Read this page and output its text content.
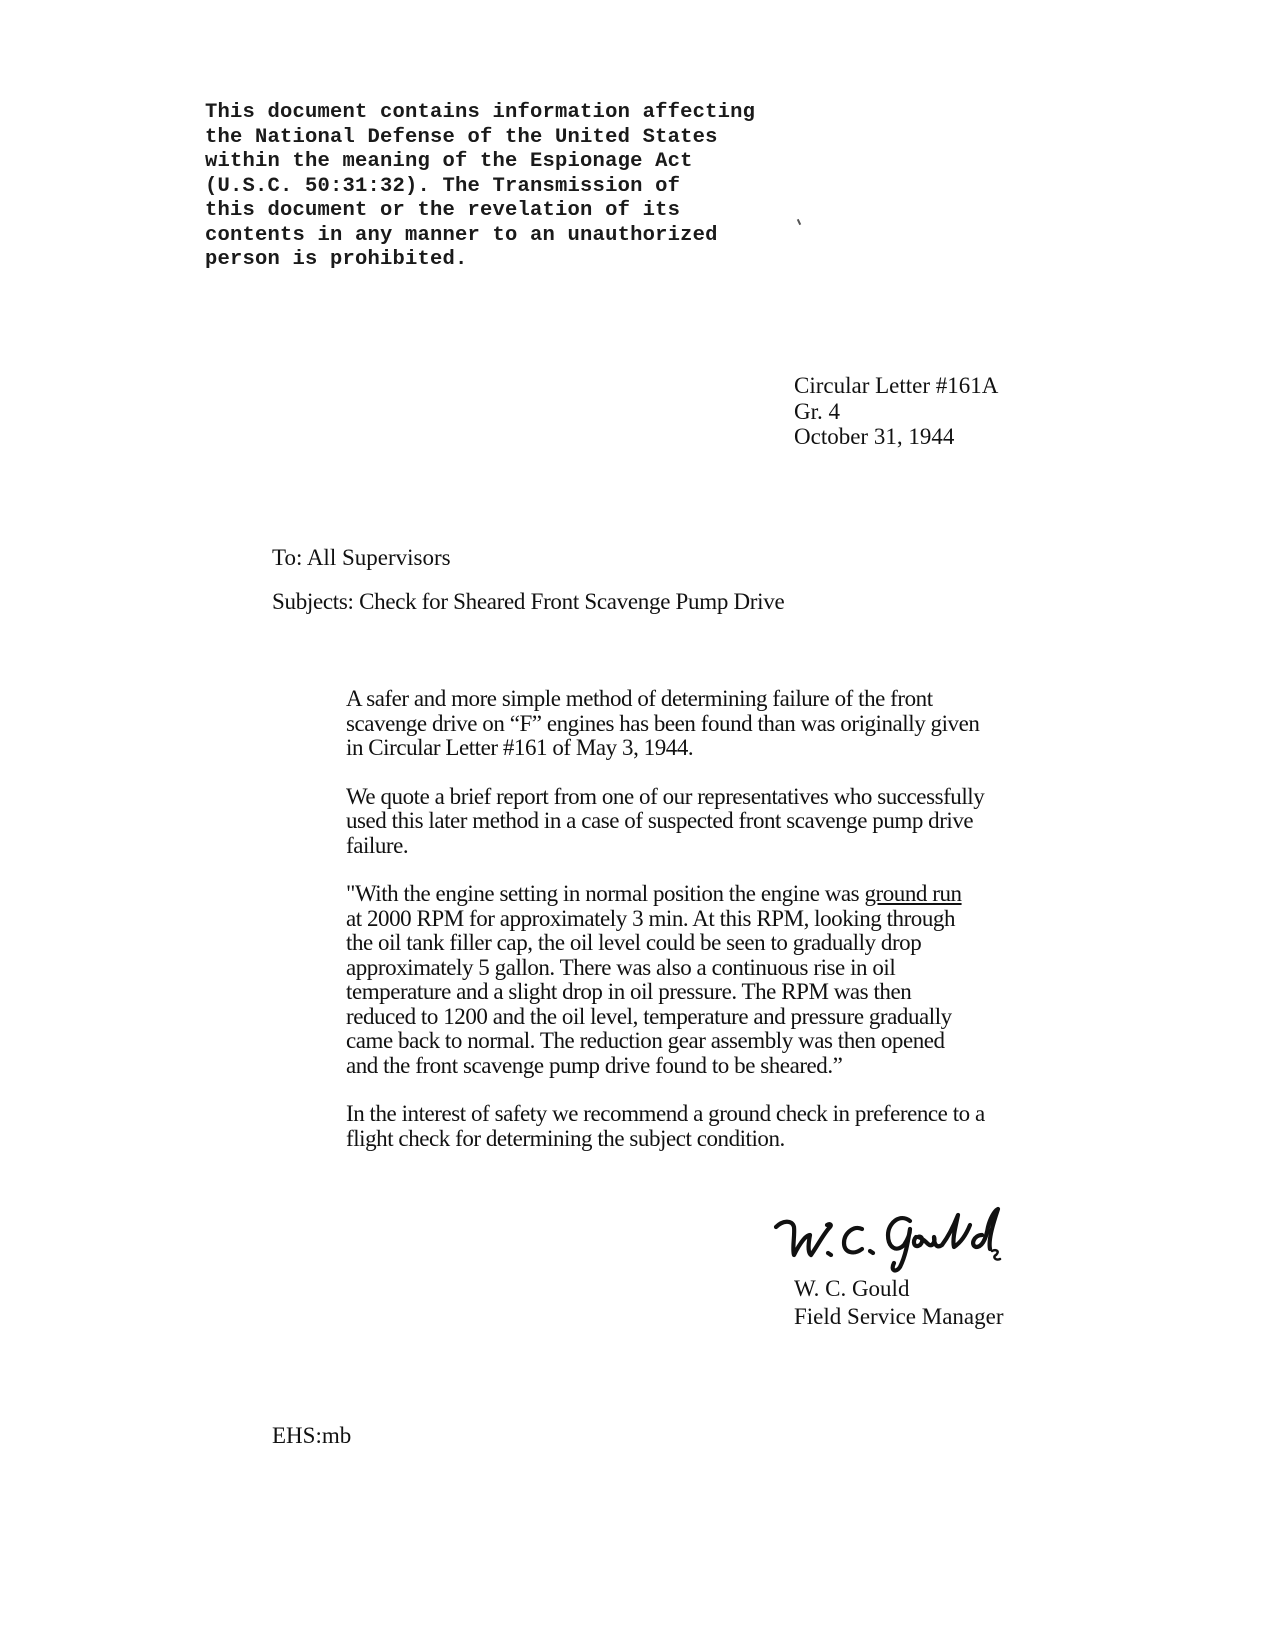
This document contains information affecting
the National Defense of the United States
within the meaning of the Espionage Act
(U.S.C. 50:31:32). The Transmission of
this document or the revelation of its
contents in any manner to an unauthorized
person is prohibited.
Circular Letter #161A
Gr. 4
October 31, 1944
To: All Supervisors
Subjects: Check for Sheared Front Scavenge Pump Drive
A safer and more simple method of determining failure of the front
scavenge drive on “F” engines has been found than was originally given
in Circular Letter #161 of May 3, 1944.
We quote a brief report from one of our representatives who successfully
used this later method in a case of suspected front scavenge pump drive
failure.
"With the engine setting in normal position the engine was ground run
at 2000 RPM for approximately 3 min. At this RPM, looking through
the oil tank filler cap, the oil level could be seen to gradually drop
approximately 5 gallon. There was also a continuous rise in oil
temperature and a slight drop in oil pressure. The RPM was then
reduced to 1200 and the oil level, temperature and pressure gradually
came back to normal. The reduction gear assembly was then opened
and the front scavenge pump drive found to be sheared.”
In the interest of safety we recommend a ground check in preference to a
flight check for determining the subject condition.
W. C. Gould
Field Service Manager
EHS:mb
